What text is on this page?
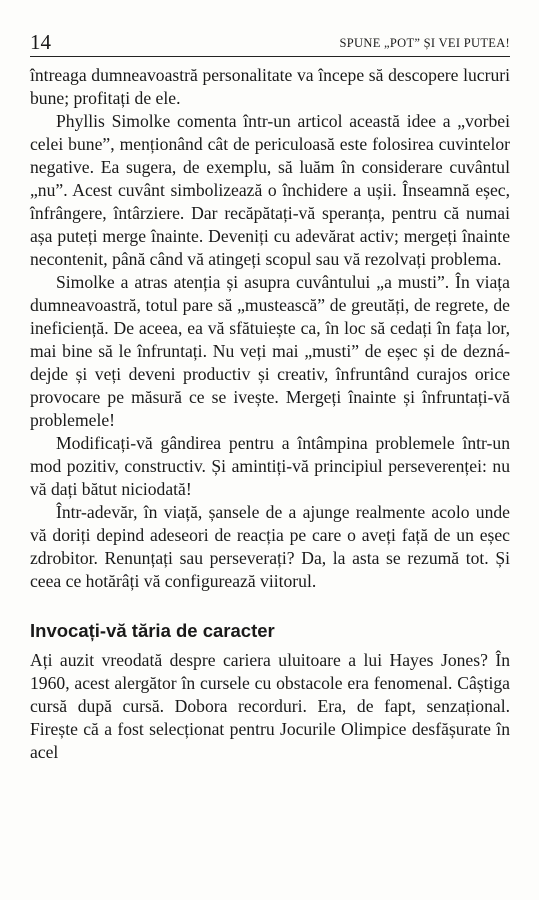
14	SPUNE „POT” ȘI VEI PUTEA!

întreaga dumneavoastră personalitate va începe să descopere lucruri bune; profitați de ele.

Phyllis Simolke comenta într-un articol această idee a „vorbei celei bune”, menționând cât de periculoasă este folosirea cuvintelor negative. Ea sugera, de exemplu, să luăm în considerare cuvântul „nu”. Acest cuvânt simbolizează o închidere a ușii. Înseamnă eșec, înfrângere, întârziere. Dar recăpătați-vă speranța, pentru că numai așa puteți merge înainte. Deveniți cu adevărat activ; mergeți înainte necontenit, până când vă atingeți scopul sau vă rezolvați problema.

Simolke a atras atenția și asupra cuvântului „a musti”. În viața dumneavoastră, totul pare să „mustească” de greutăți, de regrete, de ineficiență. De aceea, ea vă sfătuiește ca, în loc să cedați în fața lor, mai bine să le înfruntați. Nu veți mai „musti” de eșec și de deznádejde și veți deveni productiv și creativ, înfruntând curajos orice provocare pe măsură ce se ivește. Mergeți înainte și înfruntați-vă problemele!

Modificați-vă gândirea pentru a întâmpina problemele într-un mod pozitiv, constructiv. Și amintiți-vă principiul perseverenței: nu vă dați bătut niciodată!

Într-adevăr, în viață, șansele de a ajunge realmente acolo unde vă doriți depind adeseori de reacția pe care o aveți față de un eșec zdrobitor. Renunțați sau perseverați? Da, la asta se rezumă tot. Și ceea ce hotărâți vă configurează viitorul.

Invocați-vă tăria de caracter

Ați auzit vreodată despre cariera uluitoare a lui Hayes Jones? În 1960, acest alergător în cursele cu obstacole era fenomenal. Câștiga cursă după cursă. Dobora recorduri. Era, de fapt, senzațional. Firește că a fost selecționat pentru Jocurile Olimpice desfășurate în acel
